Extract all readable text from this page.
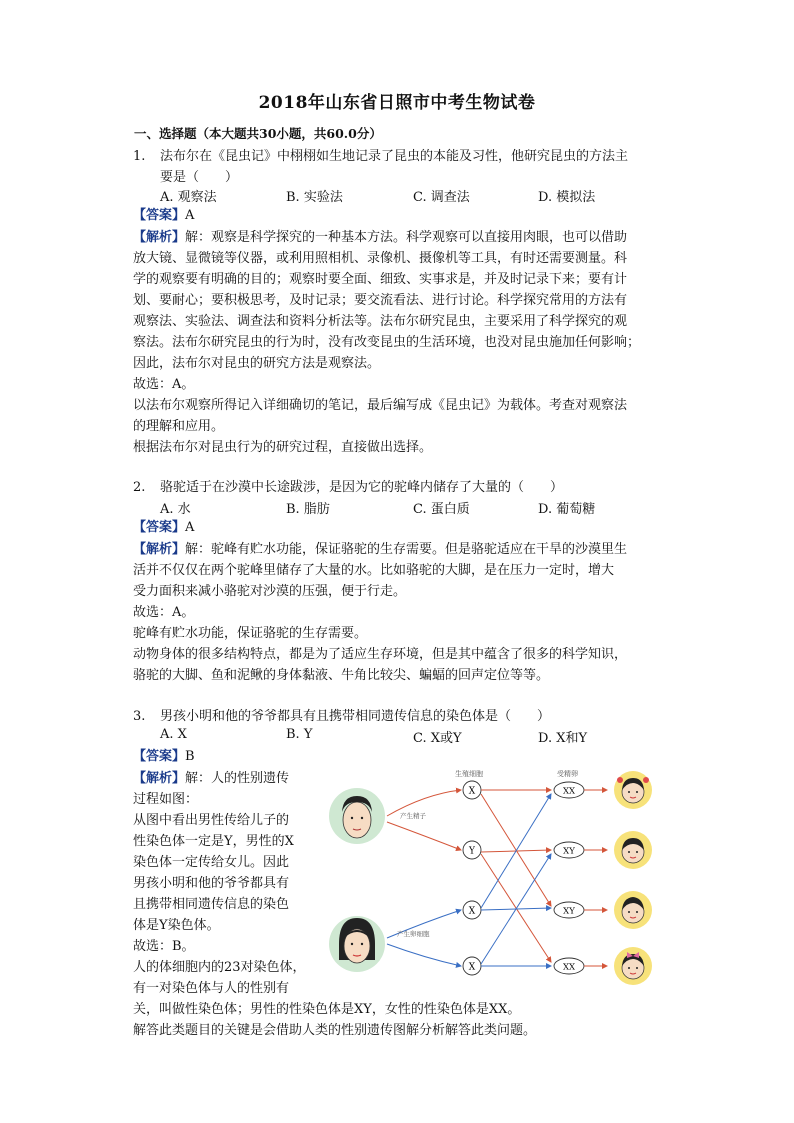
2018年山东省日照市中考生物试卷
一、选择题（本大题共30小题，共60.0分）
1. 法布尔在《昆虫记》中栩栩如生地记录了昆虫的本能及习性，他研究昆虫的方法主
要是（　　）
A. 观察法	B. 实验法	C. 调查法	D. 模拟法
【答案】A
【解析】解：观察是科学探究的一种基本方法。科学观察可以直接用肉眼，也可以借助
放大镜、显微镜等仪器，或利用照相机、录像机、摄像机等工具，有时还需要测量。科
学的观察要有明确的目的；观察时要全面、细致、实事求是，并及时记录下来；要有计
划、要耐心；要积极思考，及时记录；要交流看法、进行讨论。科学探究常用的方法有
观察法、实验法、调查法和资料分析法等。法布尔研究昆虫，主要采用了科学探究的观
察法。法布尔研究昆虫的行为时，没有改变昆虫的生活环境，也没对昆虫施加任何影响；
因此，法布尔对昆虫的研究方法是观察法。
故选：A。
以法布尔观察所得记入详细确切的笔记，最后编写成《昆虫记》为载体。考查对观察法
的理解和应用。
根据法布尔对昆虫行为的研究过程，直接做出选择。
2. 骆驼适于在沙漠中长途跋涉，是因为它的驼峰内储存了大量的（　　）
A. 水	B. 脂肪	C. 蛋白质	D. 葡萄糖
【答案】A
【解析】解：驼峰有贮水功能，保证骆驼的生存需要。但是骆驼适应在干旱的沙漠里生
活并不仅仅在两个驼峰里储存了大量的水。比如骆驼的大脚，是在压力一定时，增大
受力面积来减小骆驼对沙漠的压强，便于行走。
故选：A。
驼峰有贮水功能，保证骆驼的生存需要。
动物身体的很多结构特点，都是为了适应生存环境，但是其中蕴含了很多的科学知识，
骆驼的大脚、鱼和泥鳅的身体黏液、牛角比较尖、蝙蝠的回声定位等等。
3. 男孩小明和他的爷爷都具有且携带相同遗传信息的染色体是（　　）
A. X	B. Y	C. X或Y	D. X和Y
【答案】B
【解析】解：人的性别遗传
过程如图：
从图中看出男性传给儿子的
性染色体一定是Y，男性的X
染色体一定传给女儿。因此
男孩小明和他的爷爷都具有
且携带相同遗传信息的染色
体是Y染色体。
故选：B。
人的体细胞内的23对染色体，
有一对染色体与人的性别有
关，叫做性染色体；男性的性染色体是XY，女性的性染色体是XX。
解答此类题目的关键是会借助人类的性别遗传图解分析解答此类问题。
生殖细胞	受精卵
产生精子
产生卵细胞
X
Y
X
X
XX
XY
XY
XX
